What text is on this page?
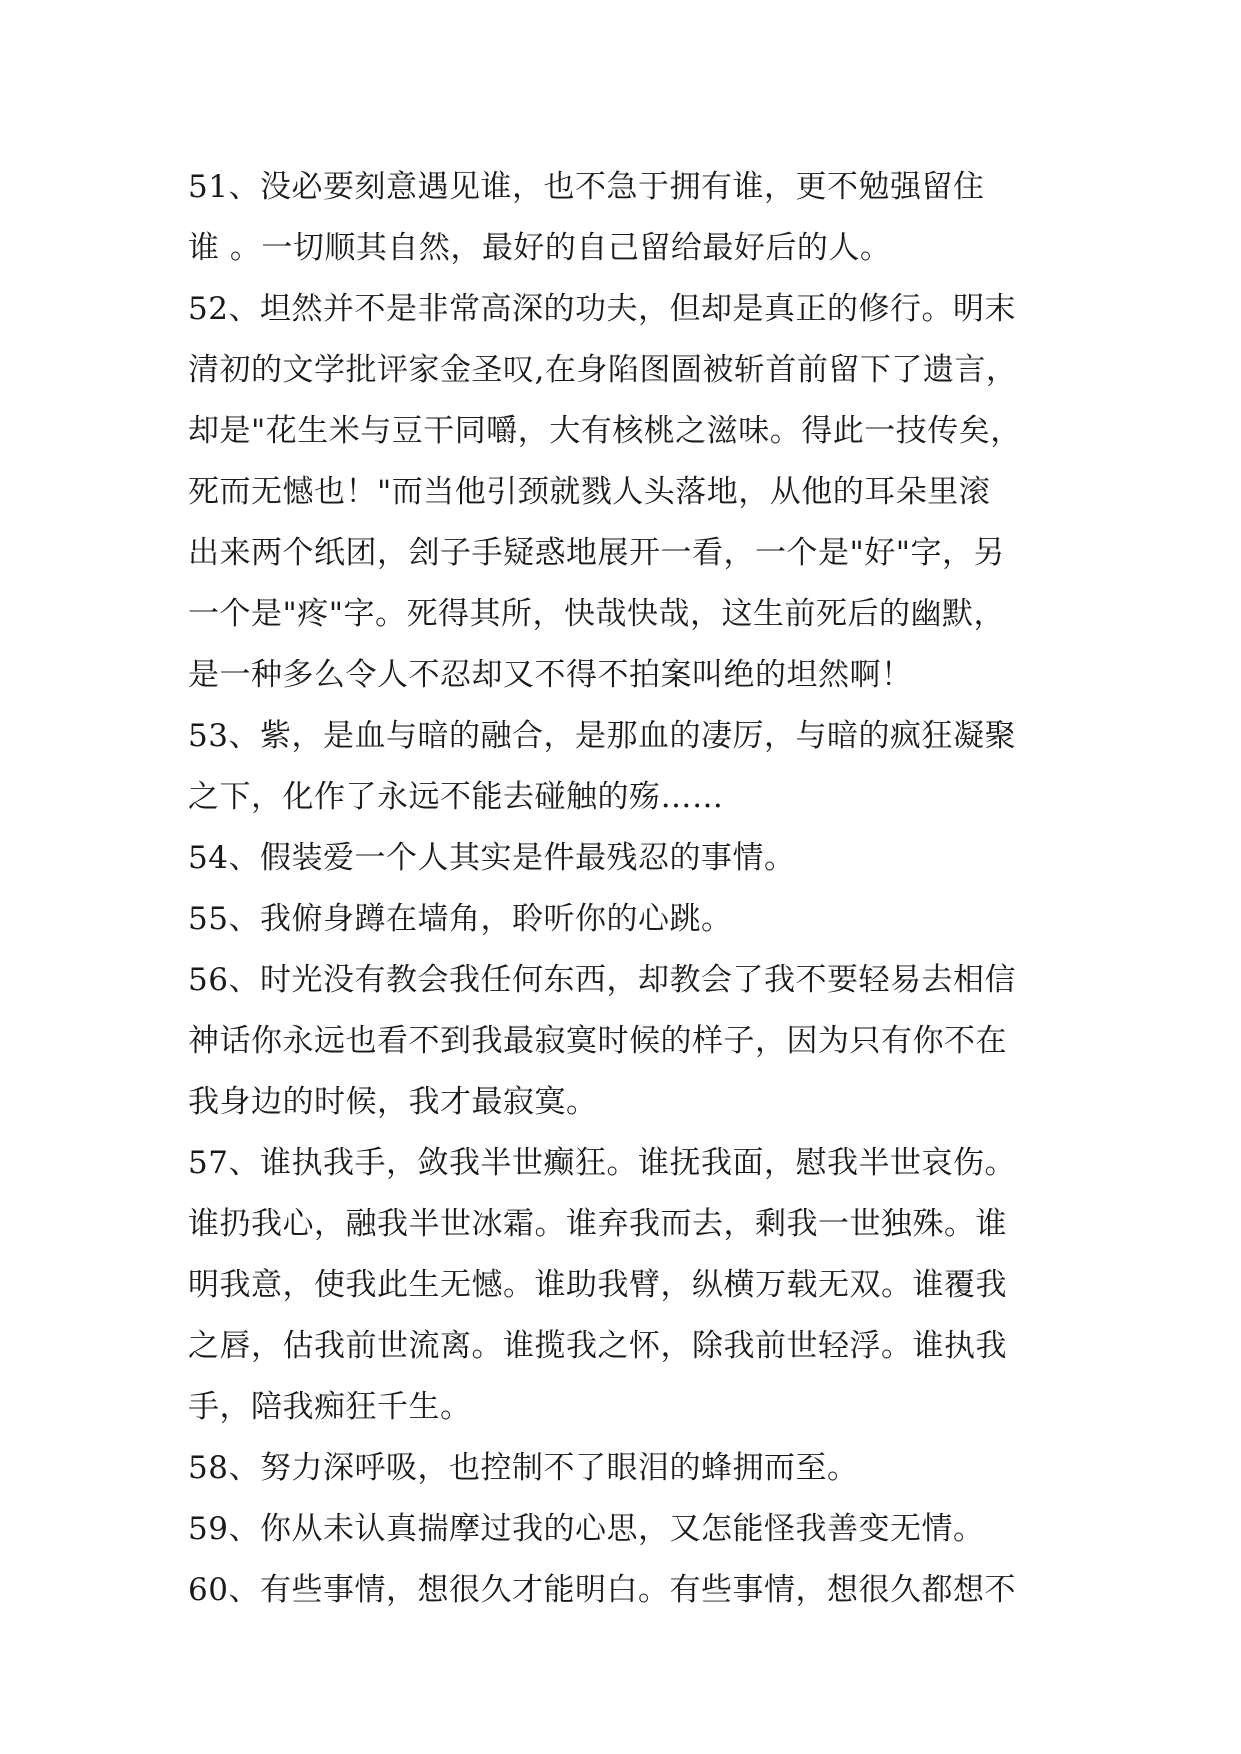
51、没必要刻意遇见谁，也不急于拥有谁，更不勉强留住
谁 。一切顺其自然，最好的自己留给最好后的人。
52、坦然并不是非常高深的功夫，但却是真正的修行。明末
清初的文学批评家金圣叹,在身陷图圄被斩首前留下了遗言，
却是"花生米与豆干同嚼，大有核桃之滋味。得此一技传矣，
死而无憾也！"而当他引颈就戮人头落地，从他的耳朵里滚
出来两个纸团，刽子手疑惑地展开一看，一个是"好"字，另
一个是"疼"字。死得其所，快哉快哉，这生前死后的幽默，
是一种多么令人不忍却又不得不拍案叫绝的坦然啊！
53、紫，是血与暗的融合，是那血的凄厉，与暗的疯狂凝聚
之下，化作了永远不能去碰触的殇……
54、假装爱一个人其实是件最残忍的事情。
55、我俯身蹲在墙角，聆听你的心跳。
56、时光没有教会我任何东西，却教会了我不要轻易去相信
神话你永远也看不到我最寂寞时候的样子，因为只有你不在
我身边的时候，我才最寂寞。
57、谁执我手，敛我半世癫狂。谁抚我面，慰我半世哀伤。
谁扔我心，融我半世冰霜。谁弃我而去，剩我一世独殊。谁
明我意，使我此生无憾。谁助我臂，纵横万载无双。谁覆我
之唇，估我前世流离。谁揽我之怀，除我前世轻浮。谁执我
手，陪我痴狂千生。
58、努力深呼吸，也控制不了眼泪的蜂拥而至。
59、你从未认真揣摩过我的心思，又怎能怪我善变无情。
60、有些事情，想很久才能明白。有些事情，想很久都想不
